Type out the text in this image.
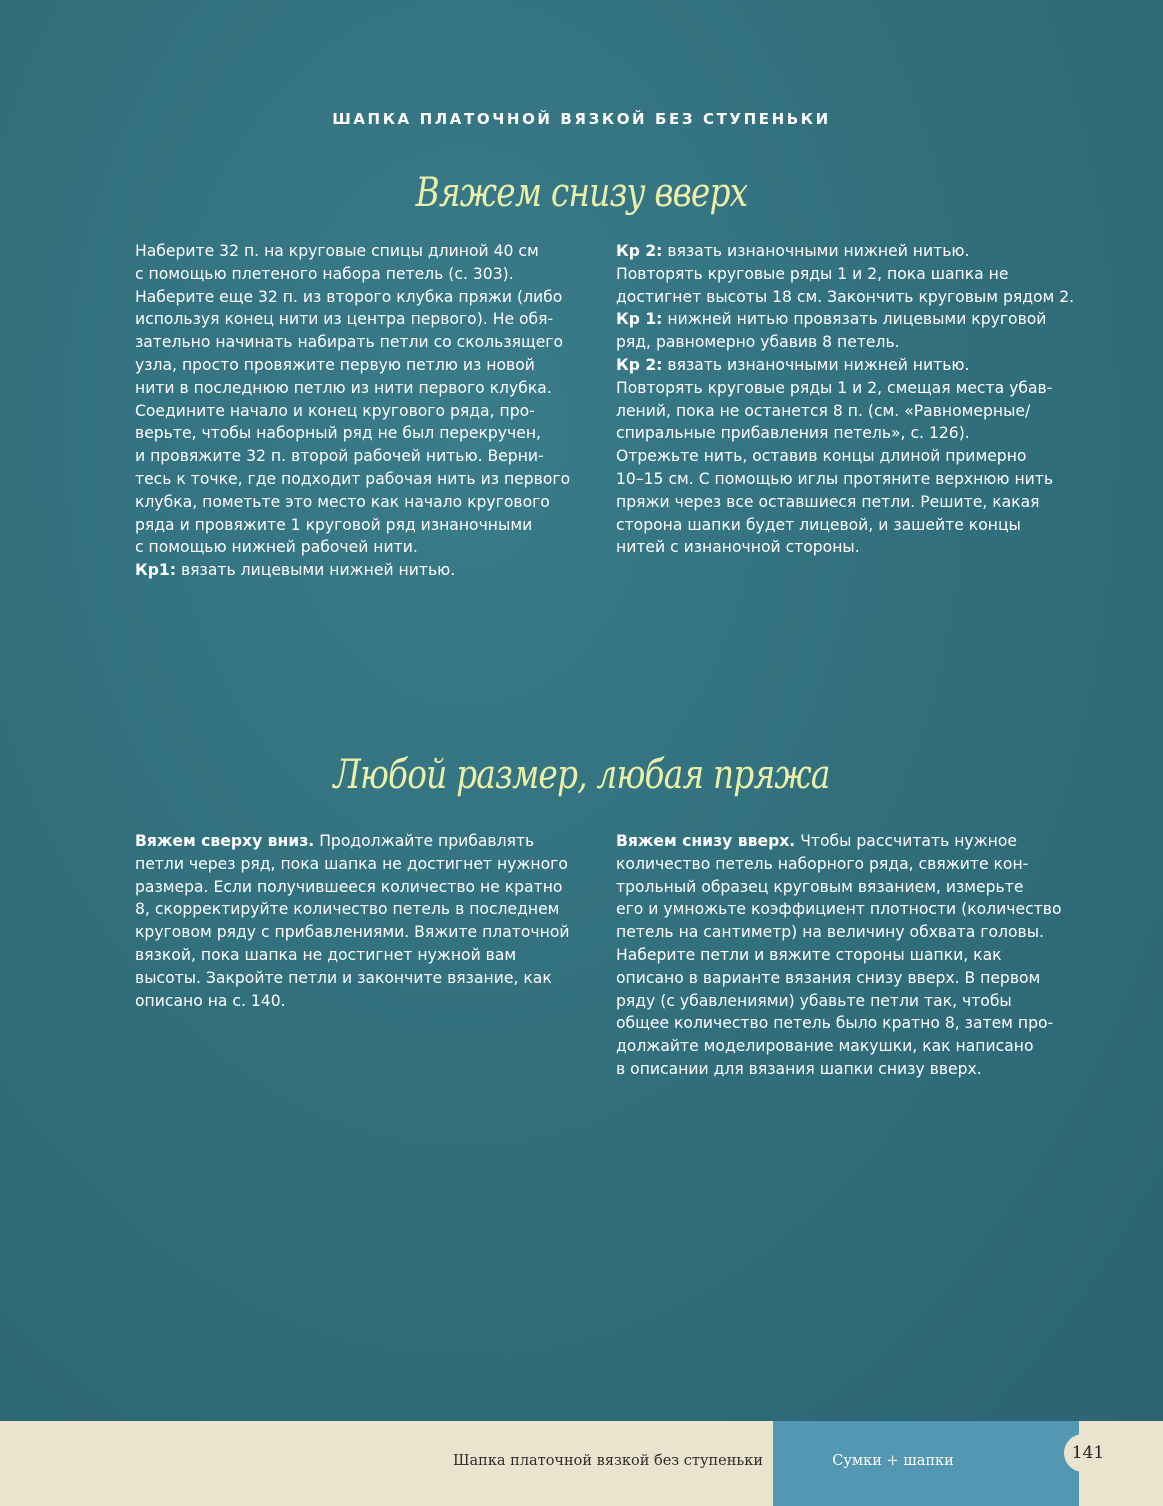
ШАПКА ПЛАТОЧНОЙ ВЯЗКОЙ БЕЗ СТУПЕНЬКИ
Вяжем снизу вверх

Наберите 32 п. на круговые спицы длиной 40 см

с помощью плетеного набора петель (с. 303).

Наберите еще 32 п. из второго клубка пряжи (либо

используя конец нити из центра первого). Не обя-

зательно начинать набирать петли со скользящего

узла, просто провяжите первую петлю из новой

нити в последнюю петлю из нити первого клубка.

Соедините начало и конец кругового ряда, про-

верьте, чтобы наборный ряд не был перекручен,

и провяжите 32 п. второй рабочей нитью. Верни-

тесь к точке, где подходит рабочая нить из первого

клубка, пометьте это место как начало кругового

ряда и провяжите 1 круговой ряд изнаночными

с помощью нижней рабочей нити.

Кр1: вязать лицевыми нижней нитью.

Кр 2: вязать изнаночными нижней нитью.

Повторять круговые ряды 1 и 2, пока шапка не

достигнет высоты 18 см. Закончить круговым рядом 2.

Кр 1: нижней нитью провязать лицевыми круговой

ряд, равномерно убавив 8 петель.

Кр 2: вязать изнаночными нижней нитью.

Повторять круговые ряды 1 и 2, смещая места убав-

лений, пока не останется 8 п. (см. «Равномерные/

спиральные прибавления петель», с. 126).

Отрежьте нить, оставив концы длиной примерно

10–15 см. С помощью иглы протяните верхнюю нить

пряжи через все оставшиеся петли. Решите, какая

сторона шапки будет лицевой, и зашейте концы

нитей с изнаночной стороны.

Любой размер, любая пряжа

Вяжем сверху вниз. Продолжайте прибавлять

петли через ряд, пока шапка не достигнет нужного

размера. Если получившееся количество не кратно

8, скорректируйте количество петель в последнем

круговом ряду с прибавлениями. Вяжите платочной

вязкой, пока шапка не достигнет нужной вам

высоты. Закройте петли и закончите вязание, как

описано на с. 140.

Вяжем снизу вверх. Чтобы рассчитать нужное

количество петель наборного ряда, свяжите кон-

трольный образец круговым вязанием, измерьте

его и умножьте коэффициент плотности (количество

петель на сантиметр) на величину обхвата головы.

Наберите петли и вяжите стороны шапки, как

описано в варианте вязания снизу вверх. В первом

ряду (с убавлениями) убавьте петли так, чтобы

общее количество петель было кратно 8, затем про-

должайте моделирование макушки, как написано

в описании для вязания шапки снизу вверх.

Шапка платочной вязкой без ступеньки	Сумки + шапки	141
